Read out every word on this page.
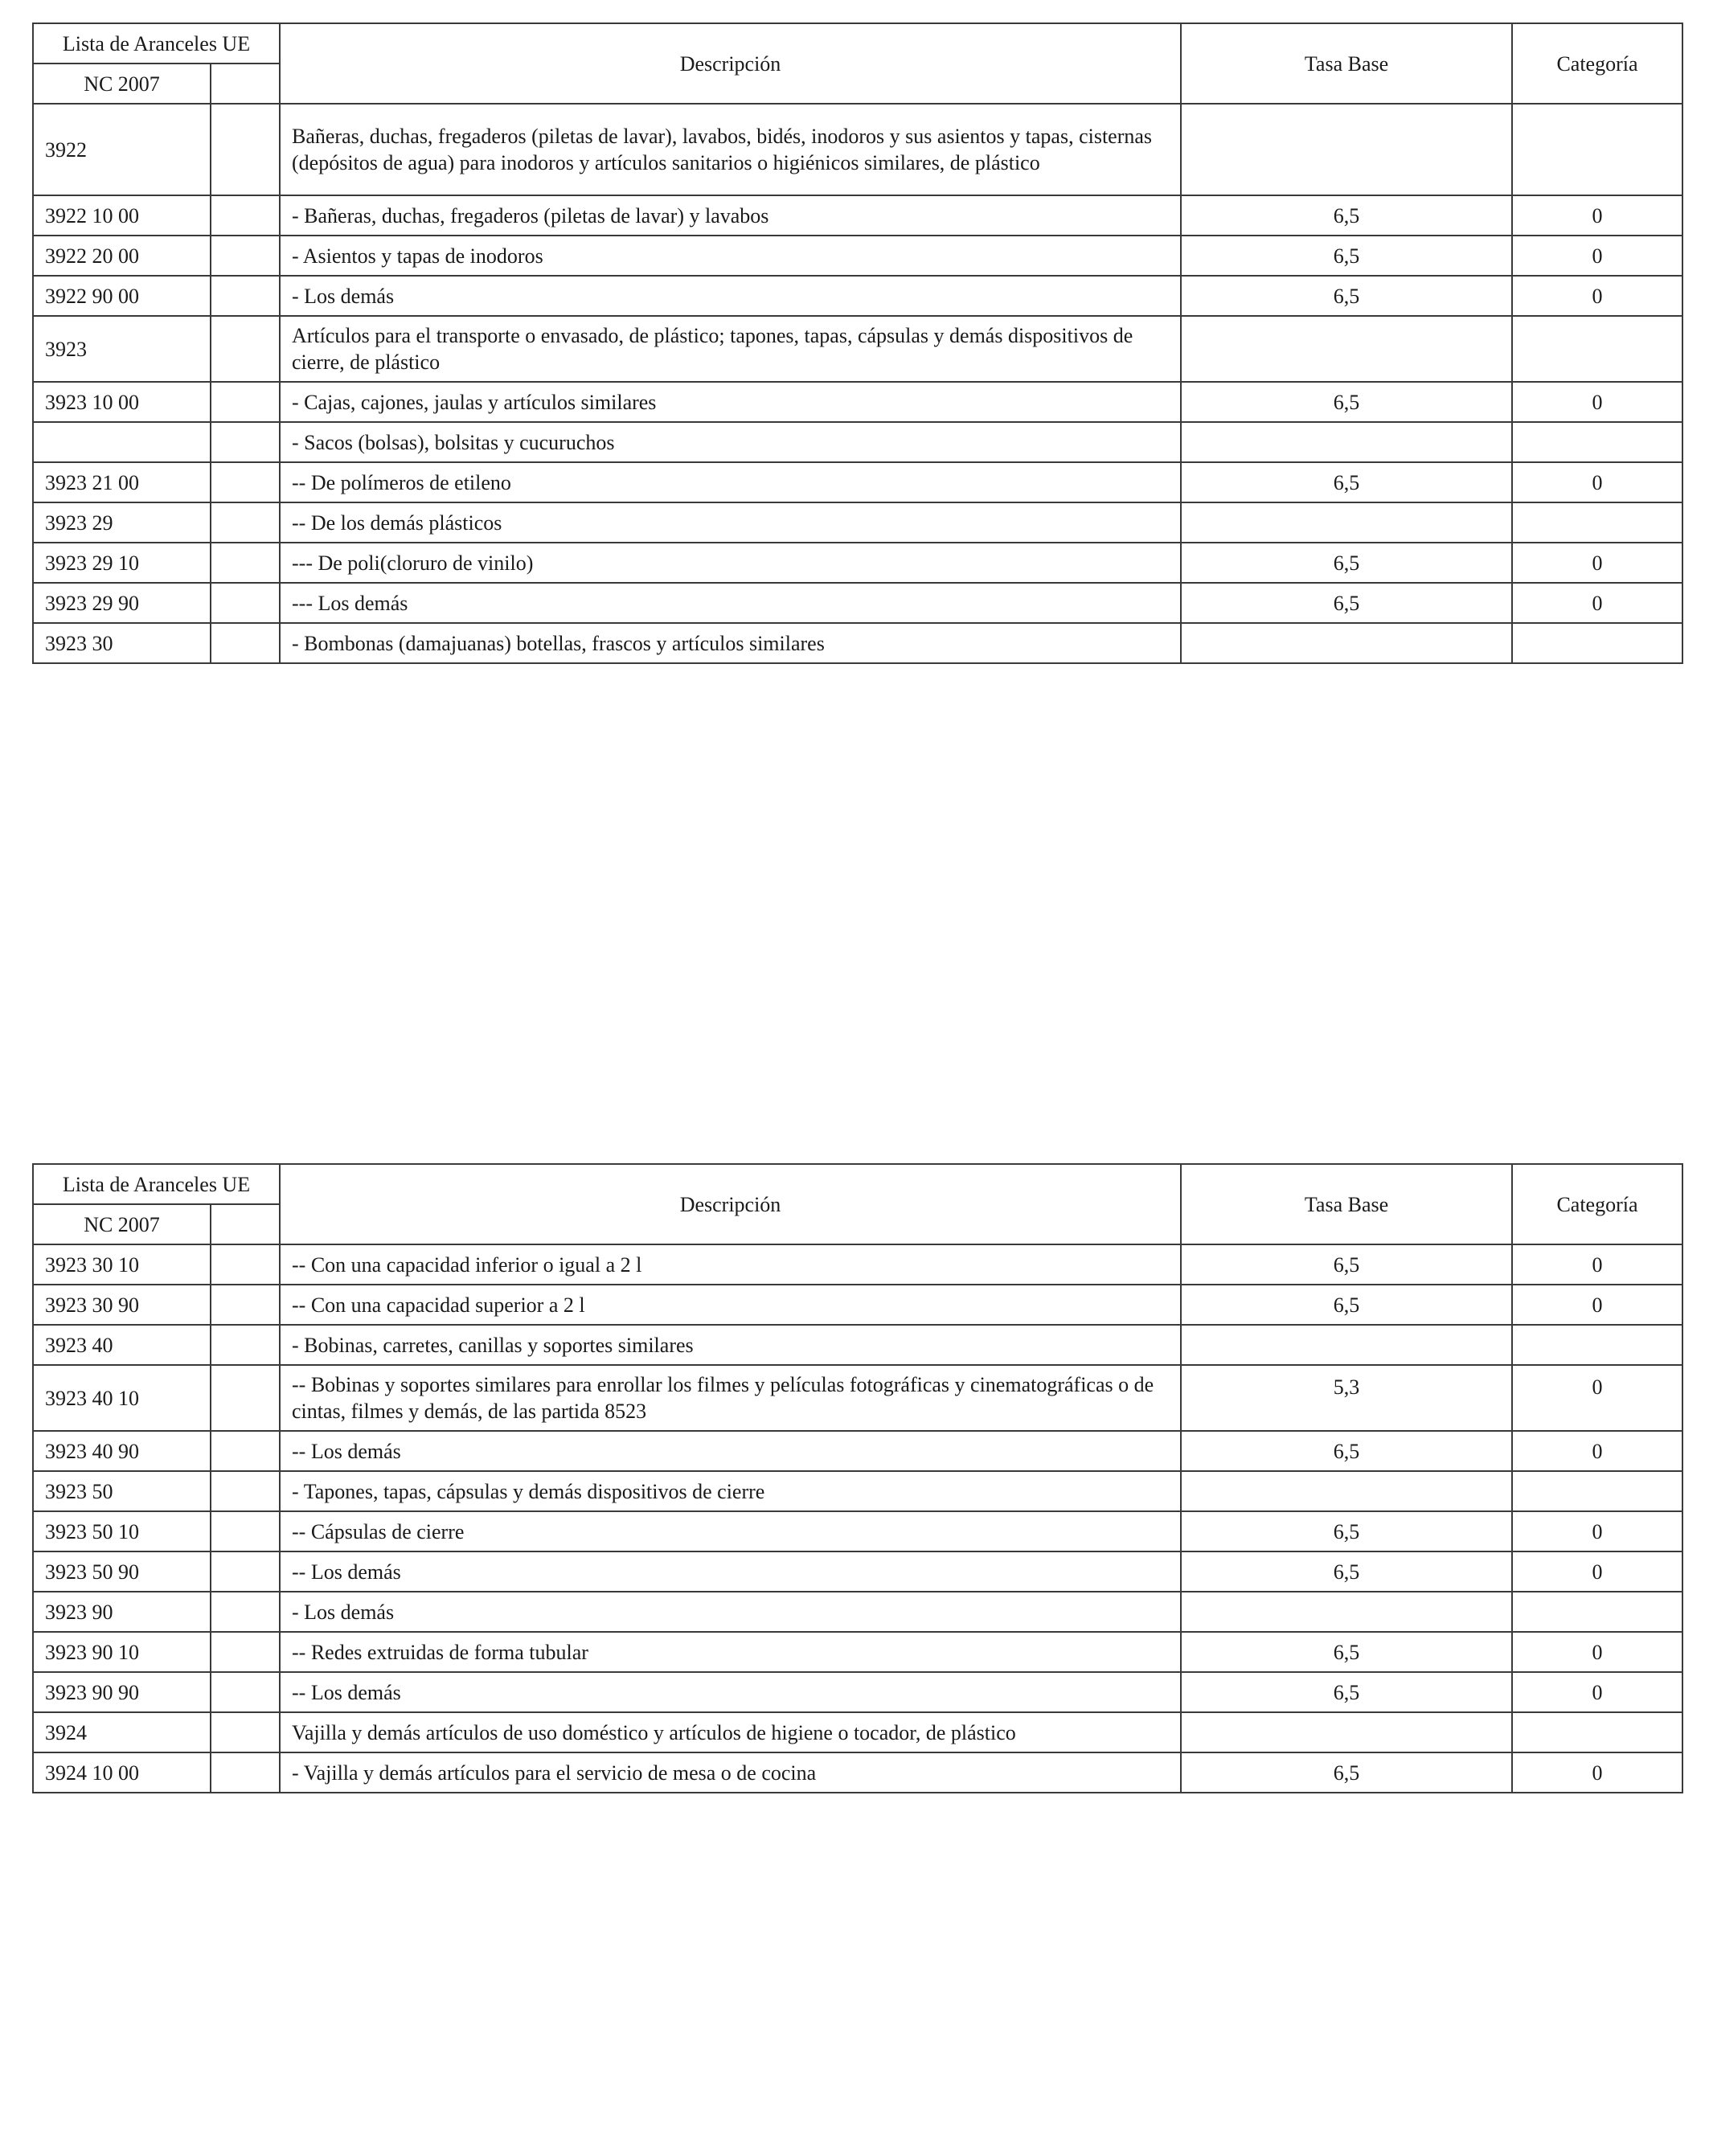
Lista de Aranceles UE		Descripción	Tasa Base	Categoría
NC 2007				
3922		Bañeras, duchas, fregaderos (piletas de lavar), lavabos, bidés, inodoros y sus asientos y tapas, cisternas (depósitos de agua) para inodoros y artículos sanitarios o higiénicos similares, de plástico		
3922 10 00		- Bañeras, duchas, fregaderos (piletas de lavar) y lavabos	6,5	0
3922 20 00		- Asientos y tapas de inodoros	6,5	0
3922 90 00		- Los demás	6,5	0
3923		Artículos para el transporte o envasado, de plástico; tapones, tapas, cápsulas y demás dispositivos de cierre, de plástico		
3923 10 00		- Cajas, cajones, jaulas y artículos similares	6,5	0
		- Sacos (bolsas), bolsitas y cucuruchos		
3923 21 00		-- De polímeros de etileno	6,5	0
3923 29		-- De los demás plásticos		
3923 29 10		--- De poli(cloruro de vinilo)	6,5	0
3923 29 90		--- Los demás	6,5	0
3923 30		- Bombonas (damajuanas) botellas, frascos y artículos similares		
Lista de Aranceles UE		Descripción	Tasa Base	Categoría
NC 2007				
3923 30 10		-- Con una capacidad inferior o igual a 2 l	6,5	0
3923 30 90		-- Con una capacidad superior a 2 l	6,5	0
3923 40		- Bobinas, carretes, canillas y soportes similares		
3923 40 10		-- Bobinas y soportes similares para enrollar los filmes y películas fotográficas y cinematográficas o de cintas, filmes y demás, de las partida 8523	5,3	0
3923 40 90		-- Los demás	6,5	0
3923 50		- Tapones, tapas, cápsulas y demás dispositivos de cierre		
3923 50 10		-- Cápsulas de cierre	6,5	0
3923 50 90		-- Los demás	6,5	0
3923 90		- Los demás		
3923 90 10		-- Redes extruidas de forma tubular	6,5	0
3923 90 90		-- Los demás	6,5	0
3924		Vajilla y demás artículos de uso doméstico y artículos de higiene o tocador, de plástico		
3924 10 00		- Vajilla y demás artículos para el servicio de mesa o de cocina	6,5	0
